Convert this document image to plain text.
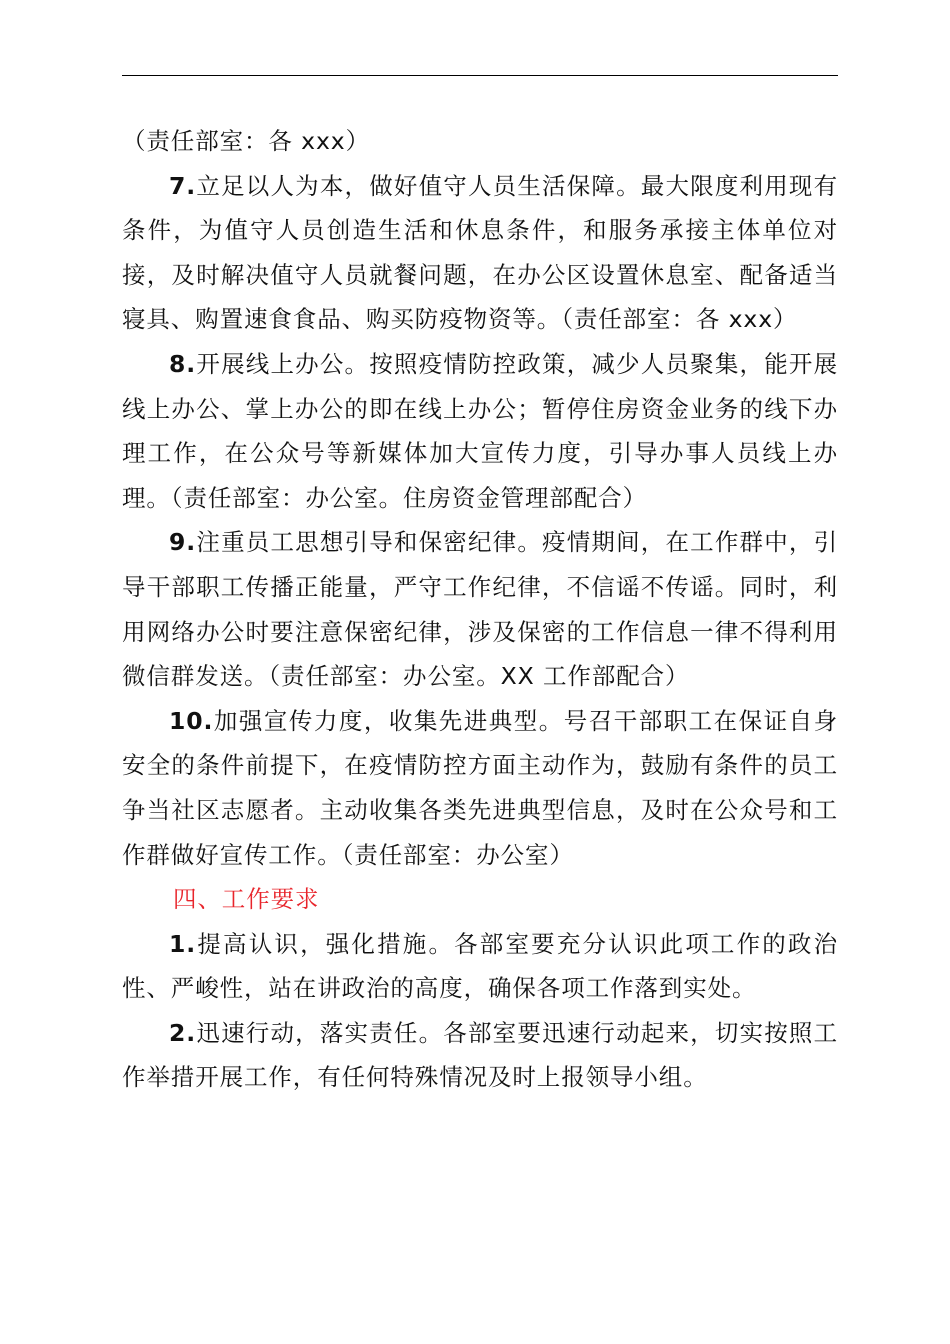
（责任部室：各 xxx）

7.立足以人为本，做好值守人员生活保障。最大限度利用现有条件，为值守人员创造生活和休息条件，和服务承接主体单位对接，及时解决值守人员就餐问题，在办公区设置休息室、配备适当寝具、购置速食食品、购买防疫物资等。（责任部室：各 xxx）

8.开展线上办公。按照疫情防控政策，减少人员聚集，能开展线上办公、掌上办公的即在线上办公；暂停住房资金业务的线下办理工作，在公众号等新媒体加大宣传力度，引导办事人员线上办理。（责任部室：办公室。住房资金管理部配合）

9.注重员工思想引导和保密纪律。疫情期间，在工作群中，引导干部职工传播正能量，严守工作纪律，不信谣不传谣。同时，利用网络办公时要注意保密纪律，涉及保密的工作信息一律不得利用微信群发送。（责任部室：办公室。XX 工作部配合）

10.加强宣传力度，收集先进典型。号召干部职工在保证自身安全的条件前提下，在疫情防控方面主动作为，鼓励有条件的员工争当社区志愿者。主动收集各类先进典型信息，及时在公众号和工作群做好宣传工作。（责任部室：办公室）

四、工作要求

1.提高认识，强化措施。各部室要充分认识此项工作的政治性、严峻性，站在讲政治的高度，确保各项工作落到实处。

2.迅速行动，落实责任。各部室要迅速行动起来，切实按照工作举措开展工作，有任何特殊情况及时上报领导小组。
